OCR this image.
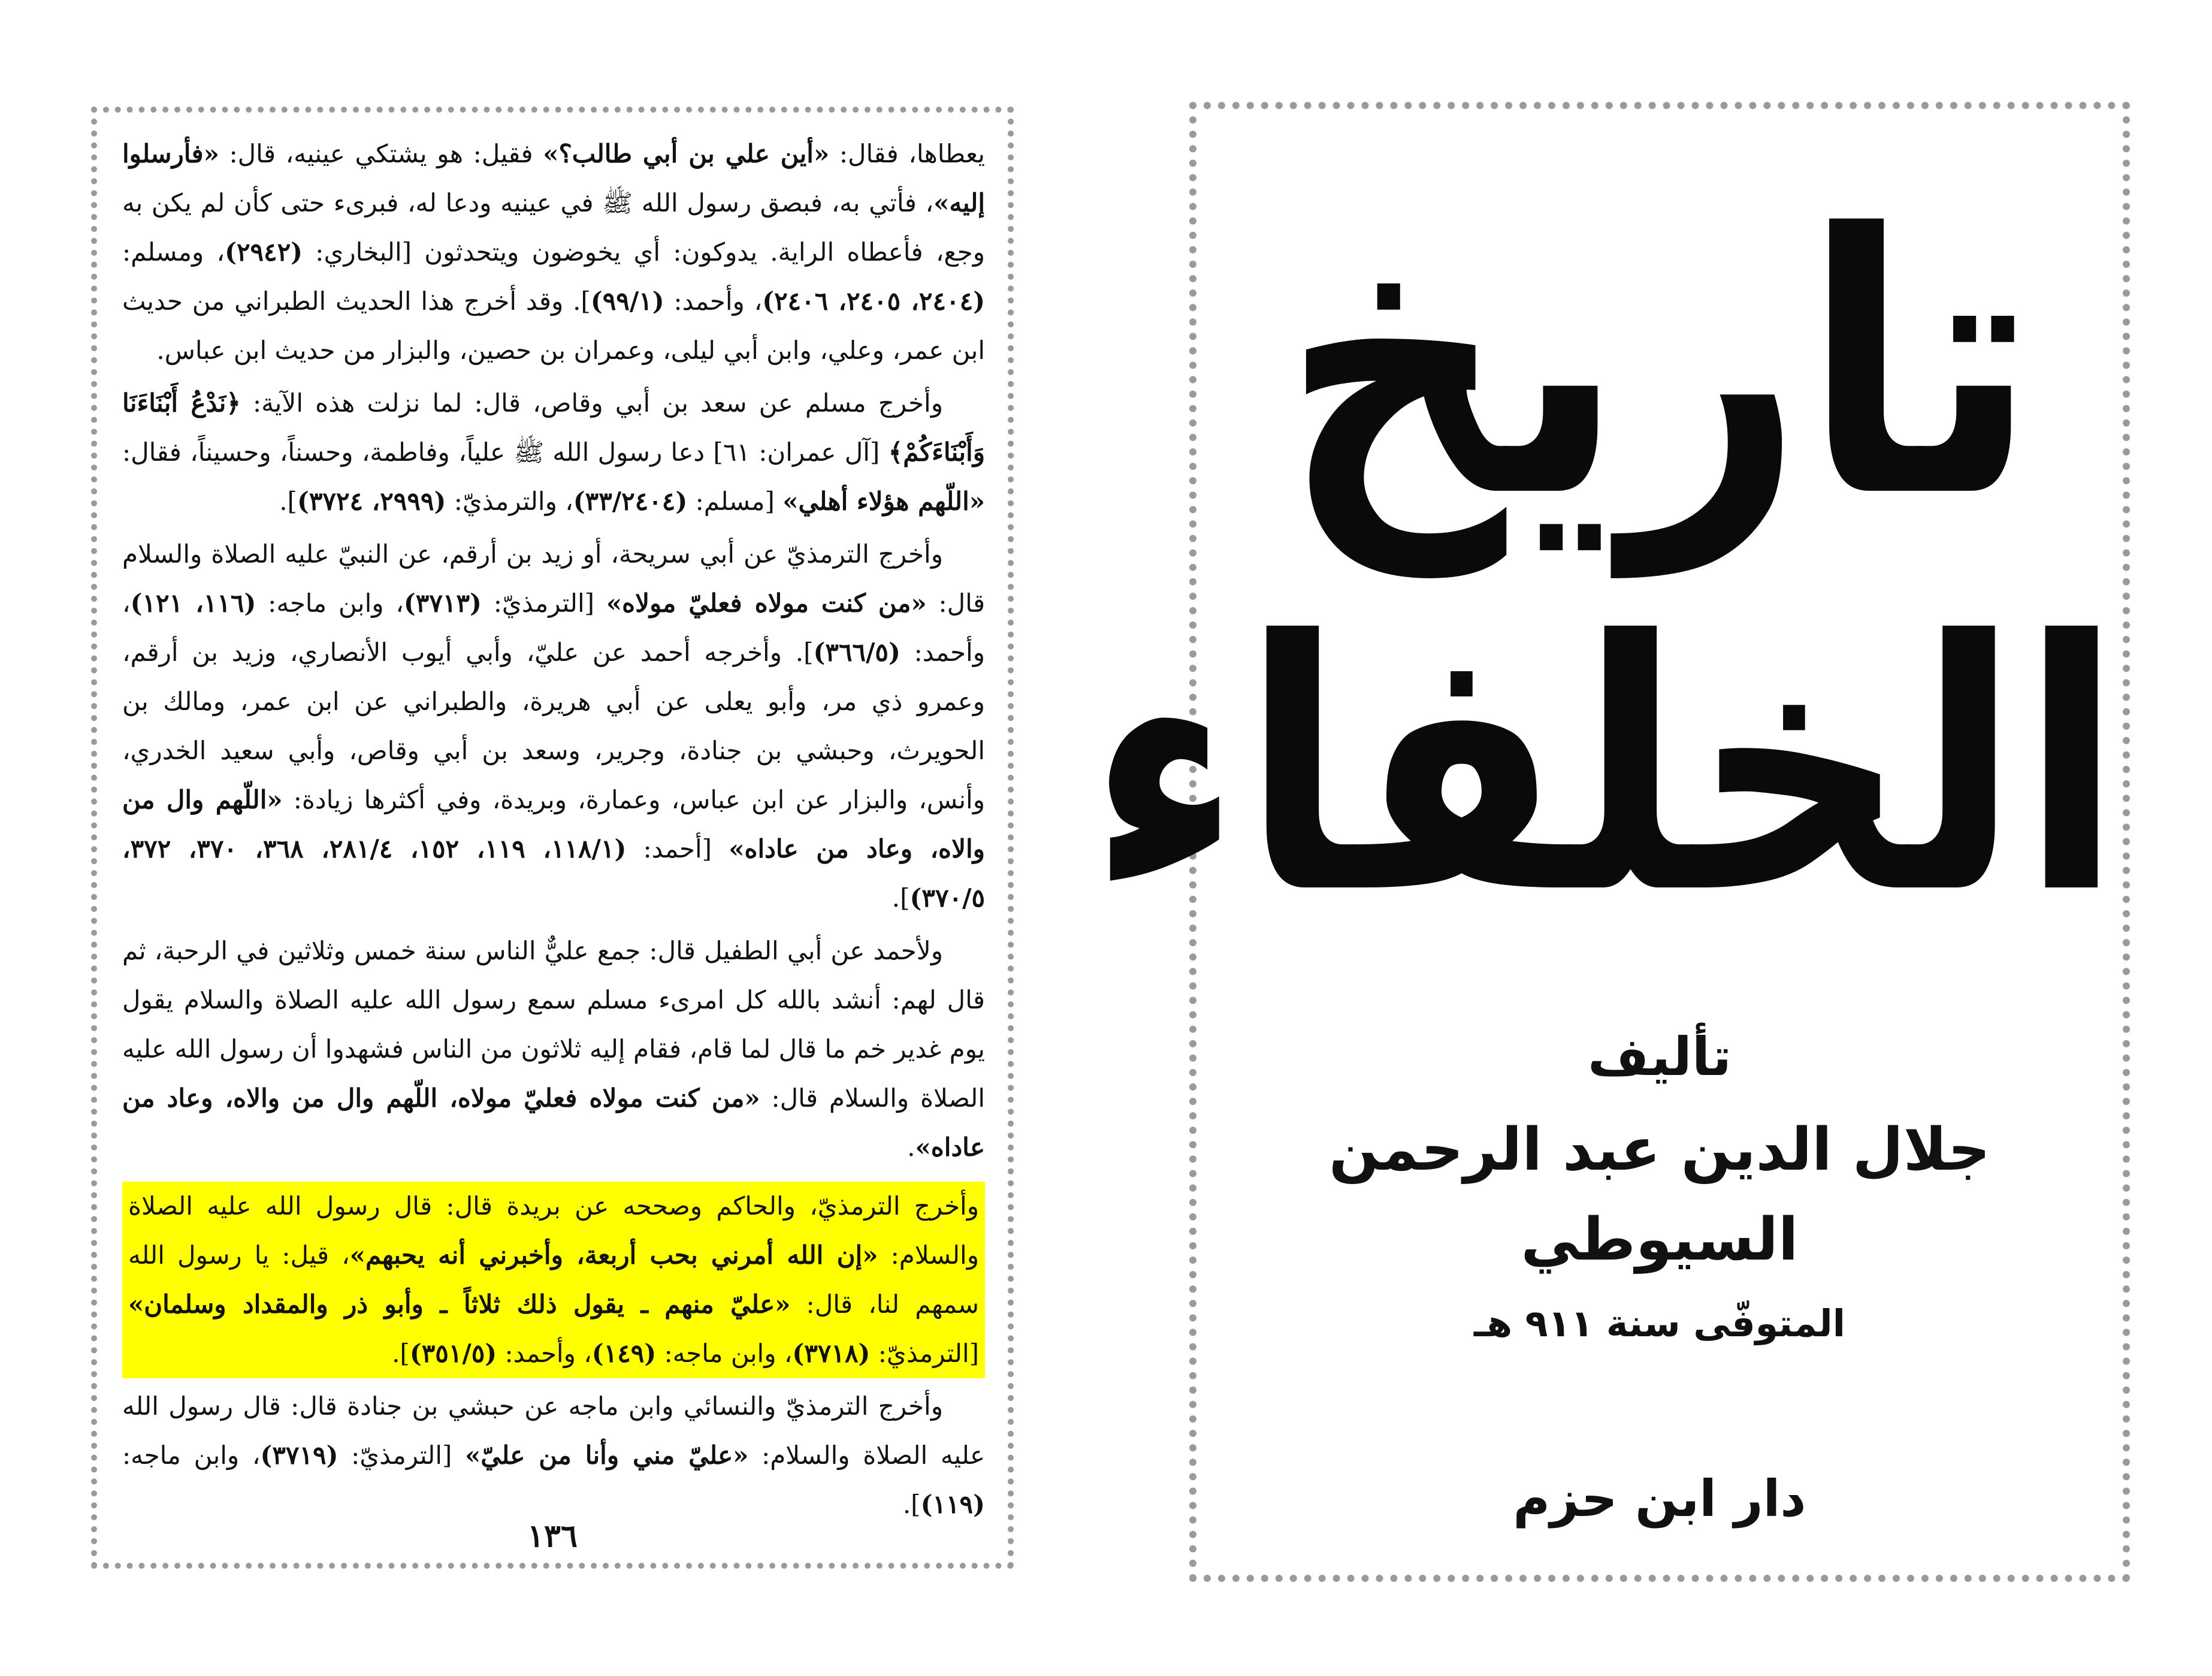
يعطاها، فقال: «أين علي بن أبي طالب؟» فقيل: هو يشتكي عينيه، قال: «فأرسلوا إليه»، فأتي به، فبصق رسول الله ﷺ في عينيه ودعا له، فبرىء حتى كأن لم يكن به وجع، فأعطاه الراية. يدوكون: أي يخوضون ويتحدثون [البخاري: (٢٩٤٢)، ومسلم: (٢٤٠٤، ٢٤٠٥، ٢٤٠٦)، وأحمد: (٩٩/١)]. وقد أخرج هذا الحديث الطبراني من حديث ابن عمر، وعلي، وابن أبي ليلى، وعمران بن حصين، والبزار من حديث ابن عباس.

وأخرج مسلم عن سعد بن أبي وقاص، قال: لما نزلت هذه الآية: ﴿نَدْعُ أَبْنَاءَنَا وَأَبْنَاءَكُمْ﴾ [آل عمران: ٦١] دعا رسول الله ﷺ علياً، وفاطمة، وحسناً، وحسيناً، فقال: «اللّهم هؤلاء أهلي» [مسلم: (٣٣/٢٤٠٤)، والترمذيّ: (٢٩٩٩، ٣٧٢٤)].

وأخرج الترمذيّ عن أبي سريحة، أو زيد بن أرقم، عن النبيّ عليه الصلاة والسلام قال: «من كنت مولاه فعليّ مولاه» [الترمذيّ: (٣٧١٣)، وابن ماجه: (١١٦، ١٢١)، وأحمد: (٣٦٦/٥)]. وأخرجه أحمد عن عليّ، وأبي أيوب الأنصاري، وزيد بن أرقم، وعمرو ذي مر، وأبو يعلى عن أبي هريرة، والطبراني عن ابن عمر، ومالك بن الحويرث، وحبشي بن جنادة، وجرير، وسعد بن أبي وقاص، وأبي سعيد الخدري، وأنس، والبزار عن ابن عباس، وعمارة، وبريدة، وفي أكثرها زيادة: «اللّهم وال من والاه، وعاد من عاداه» [أحمد: (١١٨/١، ١١٩، ١٥٢، ٢٨١/٤، ٣٦٨، ٣٧٠، ٣٧٢، ٣٧٠/٥)].

ولأحمد عن أبي الطفيل قال: جمع عليٌّ الناس سنة خمس وثلاثين في الرحبة، ثم قال لهم: أنشد بالله كل امرىء مسلم سمع رسول الله عليه الصلاة والسلام يقول يوم غدير خم ما قال لما قام، فقام إليه ثلاثون من الناس فشهدوا أن رسول الله عليه الصلاة والسلام قال: «من كنت مولاه فعليّ مولاه، اللّهم وال من والاه، وعاد من عاداه».

وأخرج الترمذيّ، والحاكم وصححه عن بريدة قال: قال رسول الله عليه الصلاة والسلام: «إن الله أمرني بحب أربعة، وأخبرني أنه يحبهم»، قيل: يا رسول الله سمهم لنا، قال: «عليّ منهم ـ يقول ذلك ثلاثاً ـ وأبو ذر والمقداد وسلمان» [الترمذيّ: (٣٧١٨)، وابن ماجه: (١٤٩)، وأحمد: (٣٥١/٥)].

وأخرج الترمذيّ والنسائي وابن ماجه عن حبشي بن جنادة قال: قال رسول الله عليه الصلاة والسلام: «عليّ مني وأنا من عليّ» [الترمذيّ: (٣٧١٩)، وابن ماجه: (١١٩)].

١٣٦
تاريخ
الخلفاء
تأليف
جلال الدين عبد الرحمن
السيوطي
المتوفّى سنة ٩١١ هـ
دار ابن حزم
